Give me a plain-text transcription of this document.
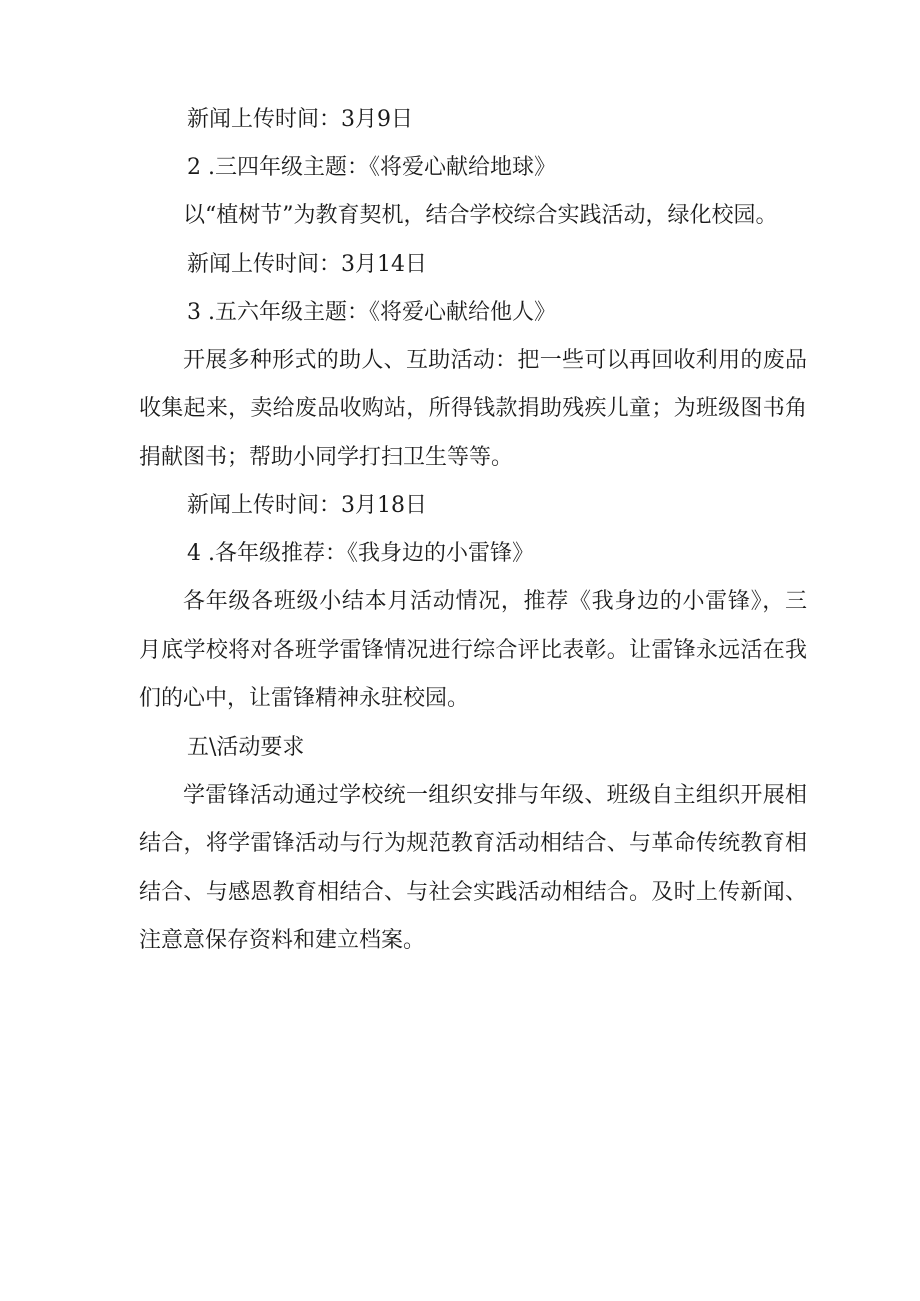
新闻上传时间：3月9日

2 .三四年级主题：《将爱心献给地球》

以“植树节”为教育契机，结合学校综合实践活动，绿化校园。

新闻上传时间：3月14日

3 .五六年级主题：《将爱心献给他人》

开展多种形式的助人、互助活动：把一些可以再回收利用的废品收集起来，卖给废品收购站，所得钱款捐助残疾儿童；为班级图书角捐献图书；帮助小同学打扫卫生等等。

新闻上传时间：3月18日

4 .各年级推荐：《我身边的小雷锋》

各年级各班级小结本月活动情况，推荐《我身边的小雷锋》，三月底学校将对各班学雷锋情况进行综合评比表彰。让雷锋永远活在我们的心中，让雷锋精神永驻校园。

五\活动要求

学雷锋活动通过学校统一组织安排与年级、班级自主组织开展相结合，将学雷锋活动与行为规范教育活动相结合、与革命传统教育相结合、与感恩教育相结合、与社会实践活动相结合。及时上传新闻、注意意保存资料和建立档案。
